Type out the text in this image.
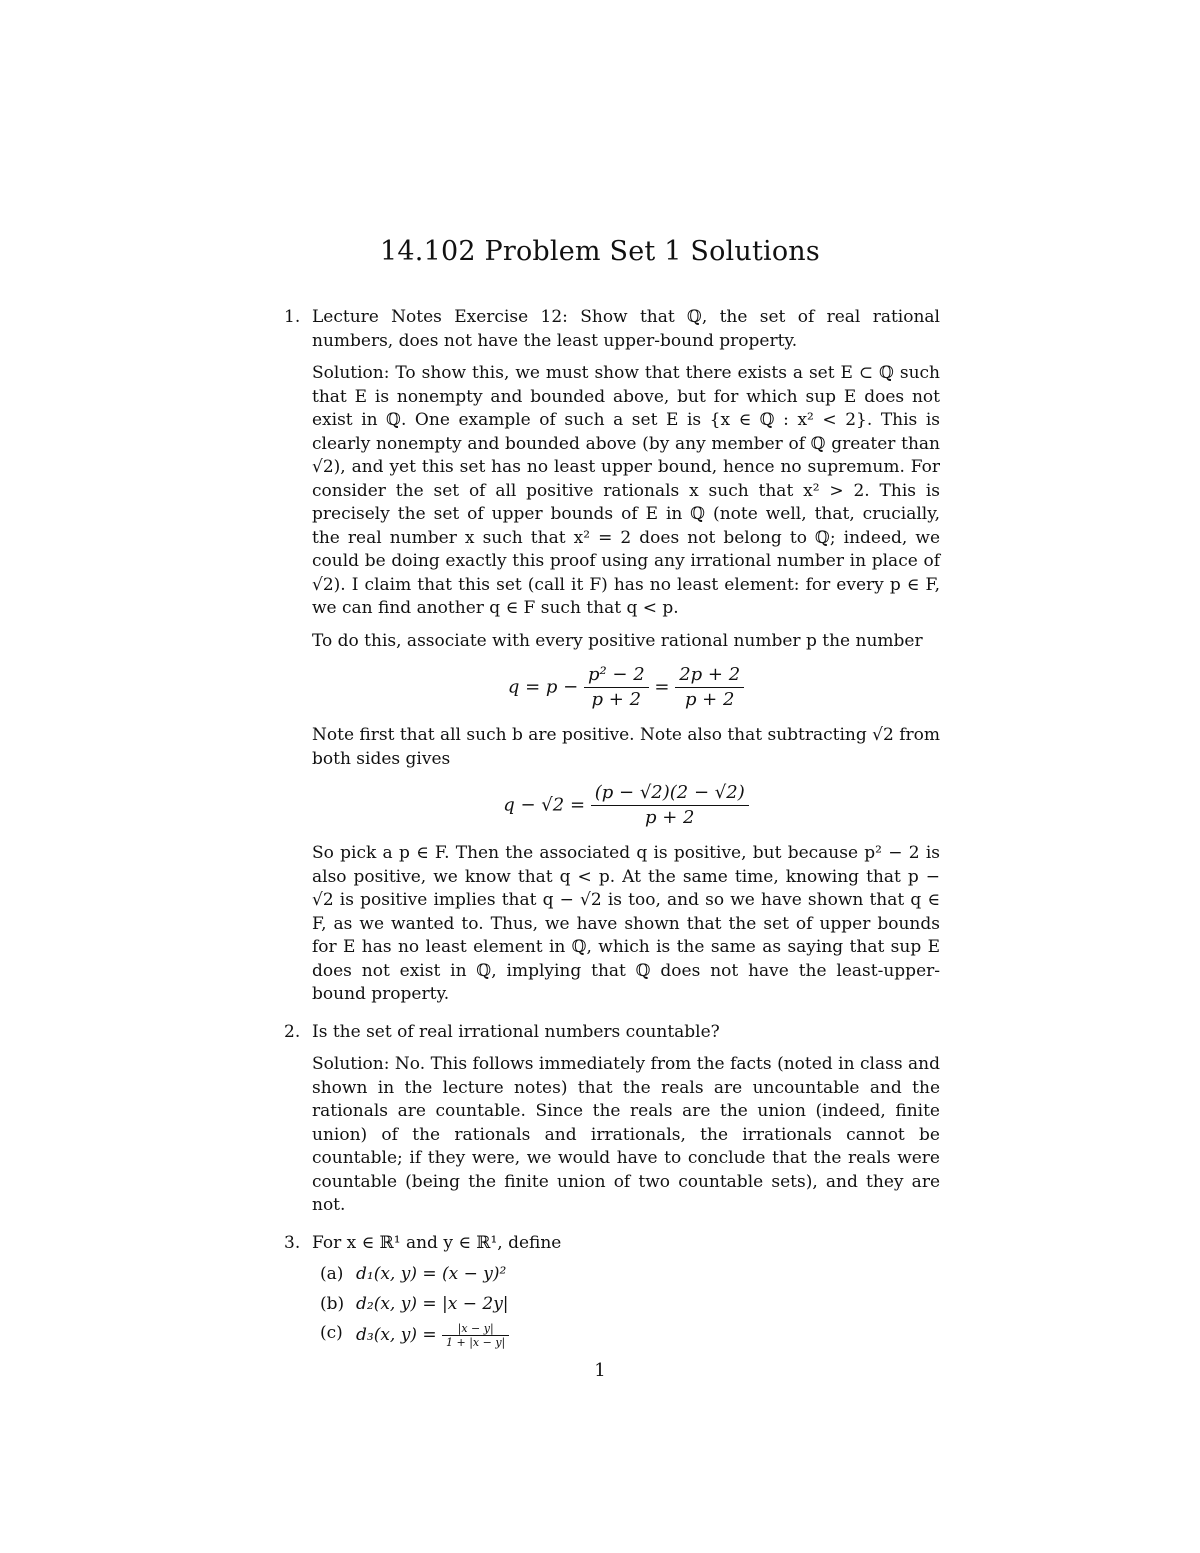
14.102 Problem Set 1 Solutions
1. Lecture Notes Exercise 12: Show that ℚ, the set of real rational numbers, does not have the least upper-bound property.

Solution: To show this, we must show that there exists a set E ⊂ ℚ such that E is nonempty and bounded above, but for which sup E does not exist in ℚ. One example of such a set E is {x ∈ ℚ : x² < 2}. This is clearly nonempty and bounded above (by any member of ℚ greater than √2), and yet this set has no least upper bound, hence no supremum. For consider the set of all positive rationals x such that x² > 2. This is precisely the set of upper bounds of E in ℚ (note well, that, crucially, the real number x such that x² = 2 does not belong to ℚ; indeed, we could be doing exactly this proof using any irrational number in place of √2). I claim that this set (call it F) has no least element: for every p ∈ F, we can find another q ∈ F such that q < p.

To do this, associate with every positive rational number p the number

$q = p - \frac{\text{p² − 2}}{p + 2} = \frac{2p + 2}{p + 2}$

Note first that all such b are positive. Note also that subtracting √2 from both sides gives

$q - √2 = \frac{(p - √2)(2 - √2)}{p + 2}$

So pick a p ∈ F. Then the associated q is positive, but because p² − 2 is also positive, we know that q < p. At the same time, knowing that p − √2 is positive implies that q − √2 is too, and so we have shown that q ∈ F, as we wanted to. Thus, we have shown that the set of upper bounds for E has no least element in ℚ, which is the same as saying that sup E does not exist in ℚ, implying that ℚ does not have the least-upper-bound property.

2. Is the set of real irrational numbers countable?

Solution: No. This follows immediately from the facts (noted in class and shown in the lecture notes) that the reals are uncountable and the rationals are countable. Since the reals are the union (indeed, finite union) of the rationals and irrationals, the irrationals cannot be countable; if they were, we would have to conclude that the reals were countable (being the finite union of two countable sets), and they are not.

3. For x ∈ ℝ¹ and y ∈ ℝ¹, define

(a) d₁(x, y) = (x − y)²
(b) d₂(x, y) = |x − 2y|
(c) d₃(x, $y) = \frac{|x - y|}{1 + |x - y|}$
1
